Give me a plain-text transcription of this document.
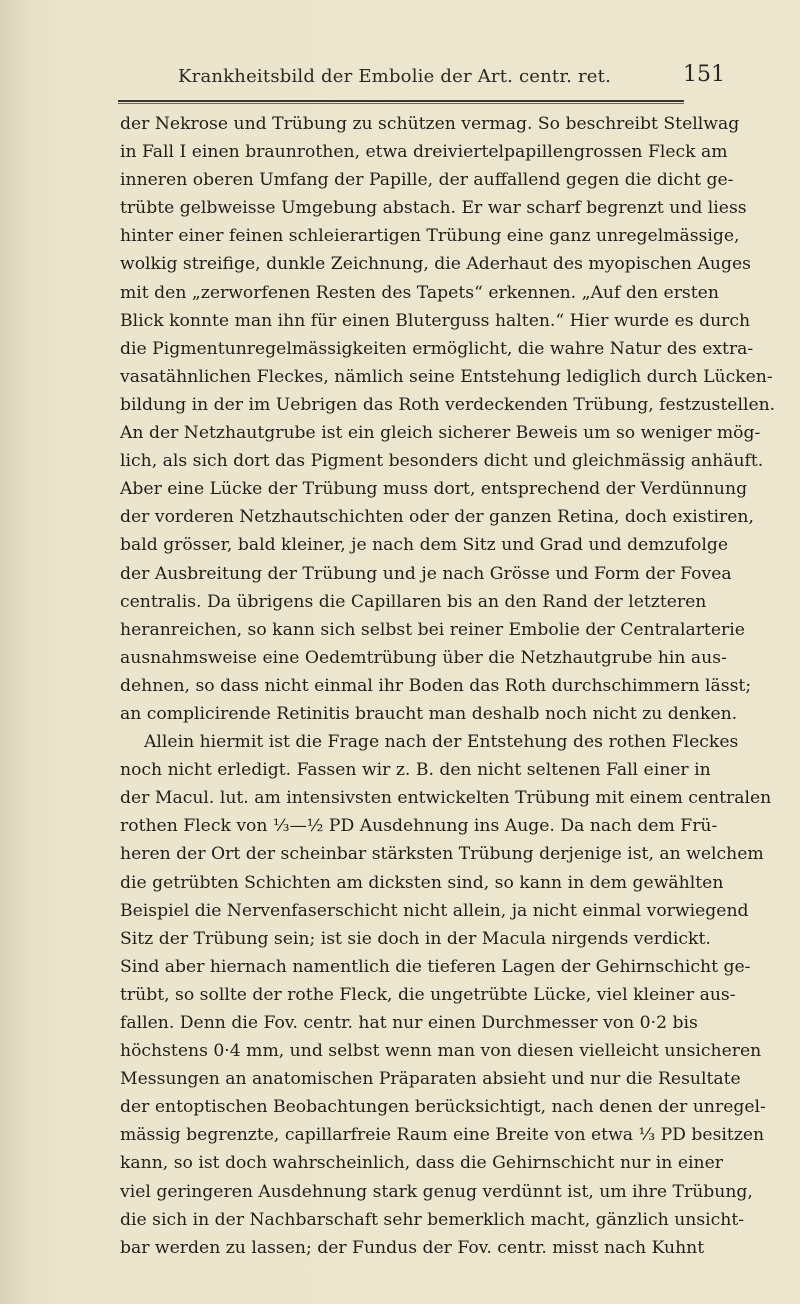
Krankheitsbild der Embolie der Art. centr. ret.	151
der Nekrose und Trübung zu schützen vermag. So beschreibt Stellwag
in Fall I einen braunrothen, etwa dreiviertelpapillengrossen Fleck am
inneren oberen Umfang der Papille, der auffallend gegen die dicht ge-
trübte gelbweisse Umgebung abstach. Er war scharf begrenzt und liess
hinter einer feinen schleierartigen Trübung eine ganz unregelmässige,
wolkig streifige, dunkle Zeichnung, die Aderhaut des myopischen Auges
mit den „zerworfenen Resten des Tapets“ erkennen. „Auf den ersten
Blick konnte man ihn für einen Bluterguss halten.“ Hier wurde es durch
die Pigmentunregelmässigkeiten ermöglicht, die wahre Natur des extra-
vasatähnlichen Fleckes, nämlich seine Entstehung lediglich durch Lücken-
bildung in der im Uebrigen das Roth verdeckenden Trübung, festzustellen.
An der Netzhautgrube ist ein gleich sicherer Beweis um so weniger mög-
lich, als sich dort das Pigment besonders dicht und gleichmässig anhäuft.
Aber eine Lücke der Trübung muss dort, entsprechend der Verdünnung
der vorderen Netzhautschichten oder der ganzen Retina, doch existiren,
bald grösser, bald kleiner, je nach dem Sitz und Grad und demzufolge
der Ausbreitung der Trübung und je nach Grösse und Form der Fovea
centralis. Da übrigens die Capillaren bis an den Rand der letzteren
heranreichen, so kann sich selbst bei reiner Embolie der Centralarterie
ausnahmsweise eine Oedemtrübung über die Netzhautgrube hin aus-
dehnen, so dass nicht einmal ihr Boden das Roth durchschimmern lässt;
an complicirende Retinitis braucht man deshalb noch nicht zu denken.
Allein hiermit ist die Frage nach der Entstehung des rothen Fleckes
noch nicht erledigt. Fassen wir z. B. den nicht seltenen Fall einer in
der Macul. lut. am intensivsten entwickelten Trübung mit einem centralen
rothen Fleck von ⅓—½ PD Ausdehnung ins Auge. Da nach dem Frü-
heren der Ort der scheinbar stärksten Trübung derjenige ist, an welchem
die getrübten Schichten am dicksten sind, so kann in dem gewählten
Beispiel die Nervenfaserschicht nicht allein, ja nicht einmal vorwiegend
Sitz der Trübung sein; ist sie doch in der Macula nirgends verdickt.
Sind aber hiernach namentlich die tieferen Lagen der Gehirnschicht ge-
trübt, so sollte der rothe Fleck, die ungetrübte Lücke, viel kleiner aus-
fallen. Denn die Fov. centr. hat nur einen Durchmesser von 0·2 bis
höchstens 0·4 mm, und selbst wenn man von diesen vielleicht unsicheren
Messungen an anatomischen Präparaten absieht und nur die Resultate
der entoptischen Beobachtungen berücksichtigt, nach denen der unregel-
mässig begrenzte, capillarfreie Raum eine Breite von etwa ⅓ PD besitzen
kann, so ist doch wahrscheinlich, dass die Gehirnschicht nur in einer
viel geringeren Ausdehnung stark genug verdünnt ist, um ihre Trübung,
die sich in der Nachbarschaft sehr bemerklich macht, gänzlich unsicht-
bar werden zu lassen; der Fundus der Fov. centr. misst nach Kuhnt
